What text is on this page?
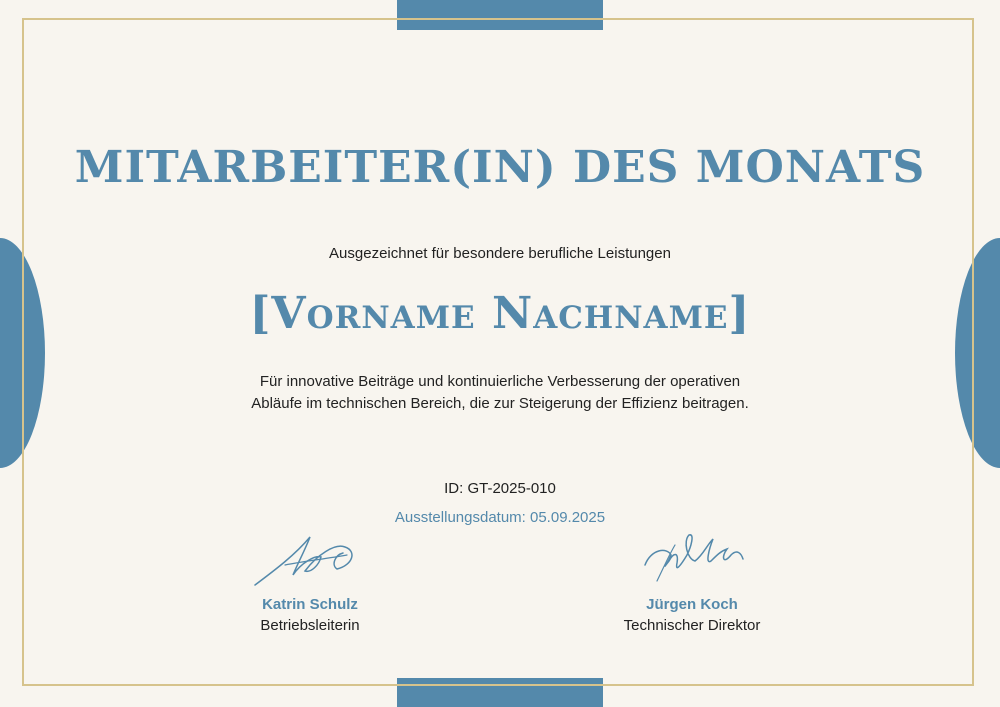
MITARBEITER(IN) DES MONATS
Ausgezeichnet für besondere berufliche Leistungen
[Vorname Nachname]
Für innovative Beiträge und kontinuierliche Verbesserung der operativen Abläufe im technischen Bereich, die zur Steigerung der Effizienz beitragen.
ID: GT-2025-010
Ausstellungsdatum: 05.09.2025
Katrin Schulz
Betriebsleiterin
Jürgen Koch
Technischer Direktor
